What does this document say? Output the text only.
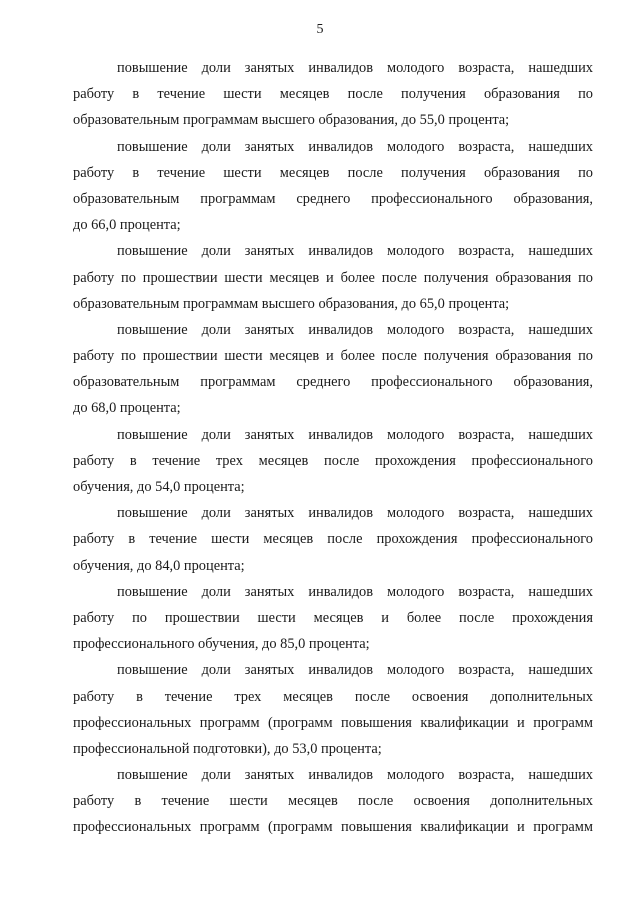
5
повышение доли занятых инвалидов молодого возраста, нашедших
работу в течение шести месяцев после получения образования по
образовательным программам высшего образования, до 55,0 процента;
повышение доли занятых инвалидов молодого возраста, нашедших
работу в течение шести месяцев после получения образования по
образовательным программам среднего профессионального образования,
до 66,0 процента;
повышение доли занятых инвалидов молодого возраста, нашедших
работу по прошествии шести месяцев и более после получения образования по
образовательным программам высшего образования, до 65,0 процента;
повышение доли занятых инвалидов молодого возраста, нашедших
работу по прошествии шести месяцев и более после получения образования по
образовательным программам среднего профессионального образования,
до 68,0 процента;
повышение доли занятых инвалидов молодого возраста, нашедших
работу в течение трех месяцев после прохождения профессионального
обучения, до 54,0 процента;
повышение доли занятых инвалидов молодого возраста, нашедших
работу в течение шести месяцев после прохождения профессионального
обучения, до 84,0 процента;
повышение доли занятых инвалидов молодого возраста, нашедших
работу по прошествии шести месяцев и более после прохождения
профессионального обучения, до 85,0 процента;
повышение доли занятых инвалидов молодого возраста, нашедших
работу в течение трех месяцев после освоения дополнительных
профессиональных программ (программ повышения квалификации и программ
профессиональной подготовки), до 53,0 процента;
повышение доли занятых инвалидов молодого возраста, нашедших
работу в течение шести месяцев после освоения дополнительных
профессиональных программ (программ повышения квалификации и программ
